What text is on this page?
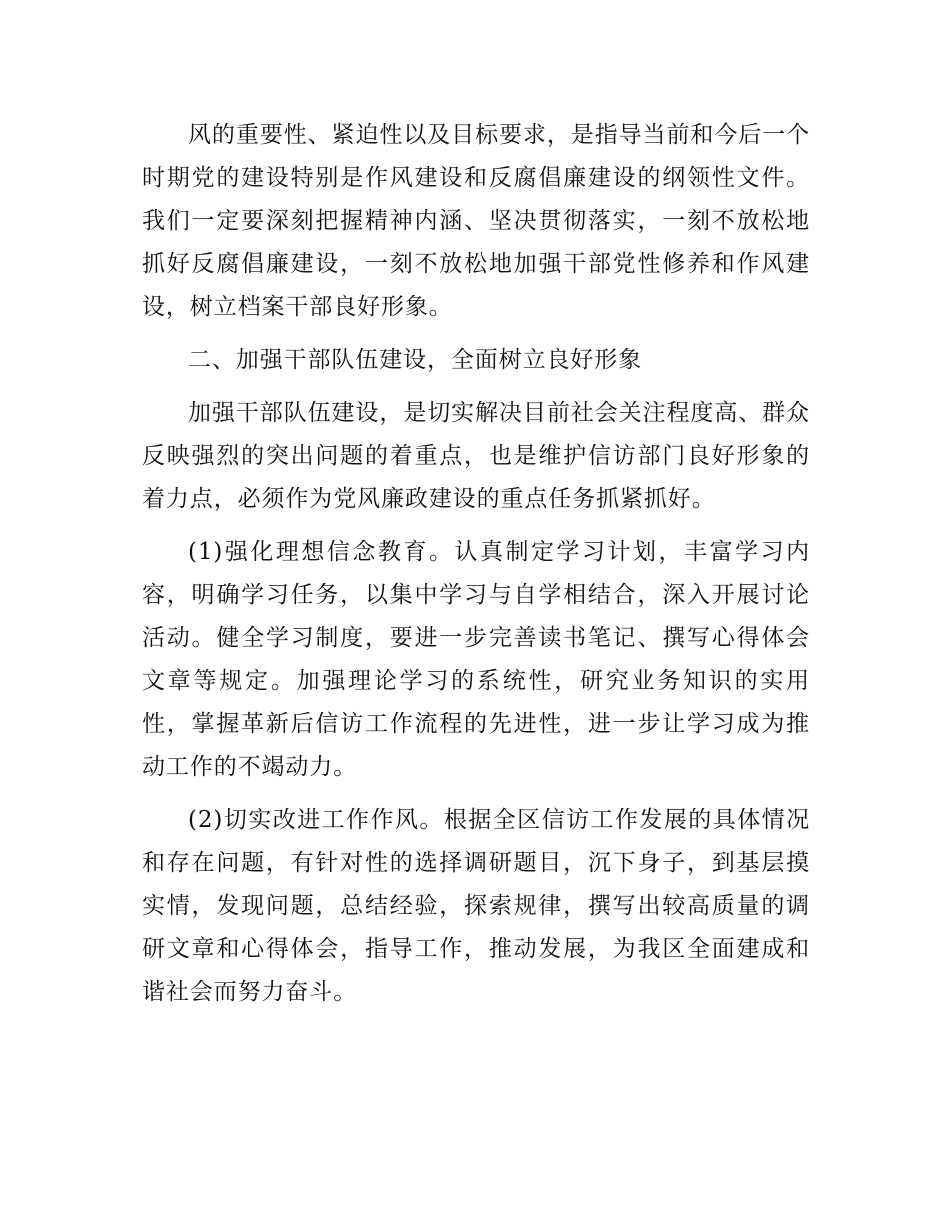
风的重要性、紧迫性以及目标要求，是指导当前和今后一个时期党的建设特别是作风建设和反腐倡廉建设的纲领性文件。我们一定要深刻把握精神内涵、坚决贯彻落实，一刻不放松地抓好反腐倡廉建设，一刻不放松地加强干部党性修养和作风建设，树立档案干部良好形象。

二、加强干部队伍建设，全面树立良好形象

加强干部队伍建设，是切实解决目前社会关注程度高、群众反映强烈的突出问题的着重点，也是维护信访部门良好形象的着力点，必须作为党风廉政建设的重点任务抓紧抓好。

(1)强化理想信念教育。认真制定学习计划，丰富学习内容，明确学习任务，以集中学习与自学相结合，深入开展讨论活动。健全学习制度，要进一步完善读书笔记、撰写心得体会文章等规定。加强理论学习的系统性，研究业务知识的实用性，掌握革新后信访工作流程的先进性，进一步让学习成为推动工作的不竭动力。

(2)切实改进工作作风。根据全区信访工作发展的具体情况和存在问题，有针对性的选择调研题目，沉下身子，到基层摸实情，发现问题，总结经验，探索规律，撰写出较高质量的调研文章和心得体会，指导工作，推动发展，为我区全面建成和谐社会而努力奋斗。
